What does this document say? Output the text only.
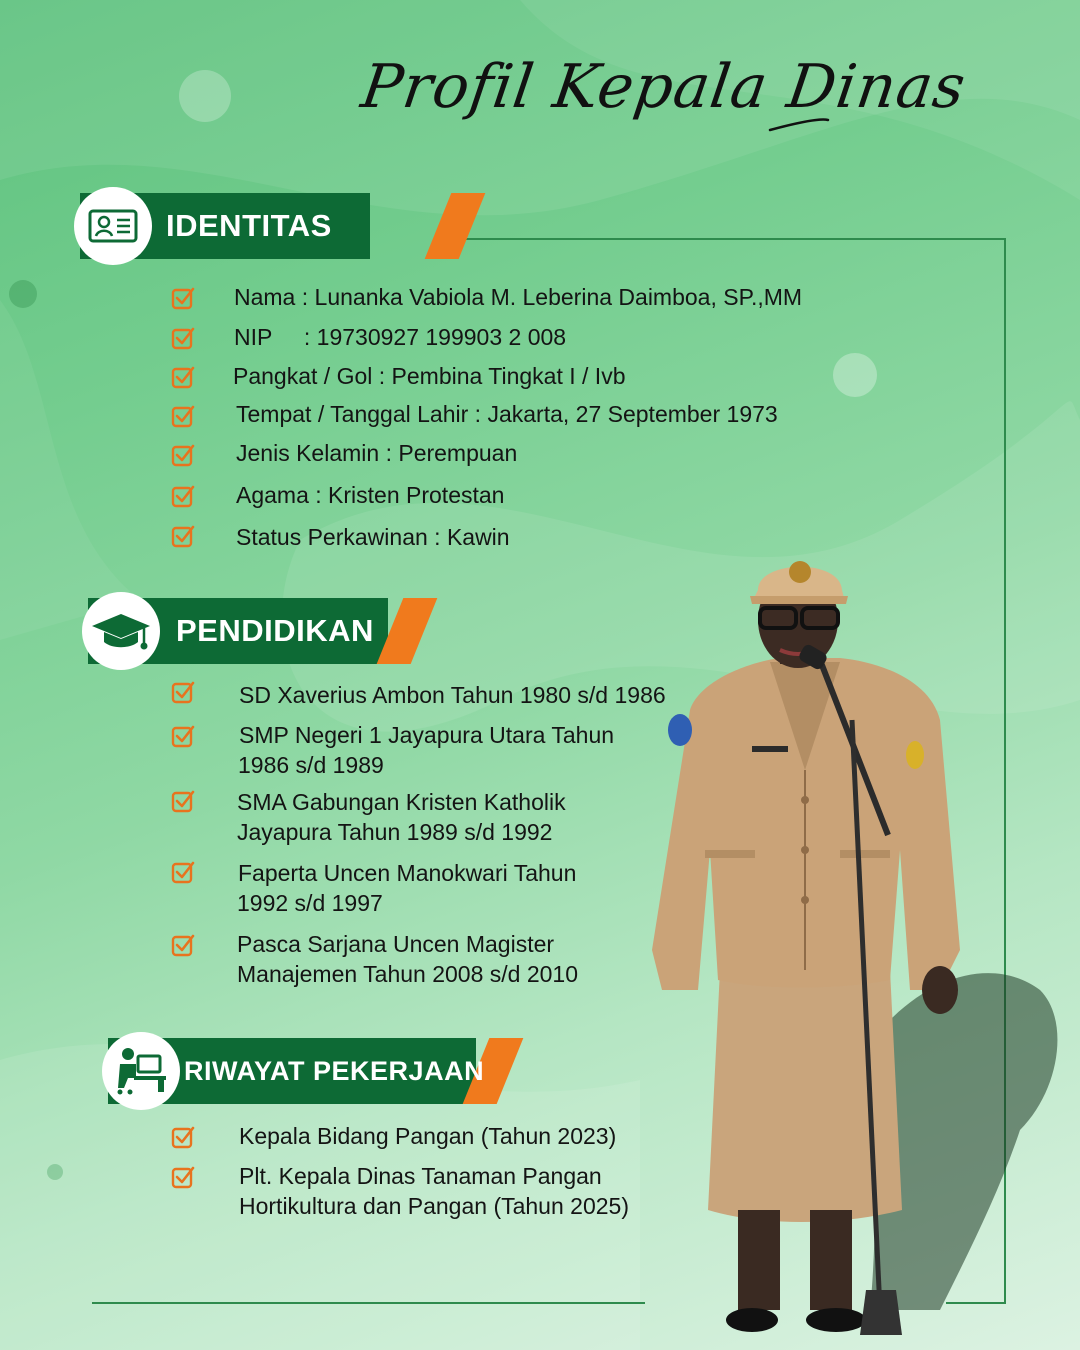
Profil Kepala Dinas
IDENTITAS
Nama : Lunanka Vabiola M. Leberina Daimboa, SP.,MM
NIP     : 19730927 199903 2 008
Pangkat / Gol : Pembina Tingkat I / Ivb
Tempat / Tanggal Lahir : Jakarta, 27 September 1973
Jenis Kelamin : Perempuan
Agama : Kristen Protestan
Status Perkawinan : Kawin
PENDIDIKAN
SD Xaverius Ambon Tahun 1980 s/d 1986
SMP Negeri 1 Jayapura Utara Tahun
1986 s/d 1989
SMA Gabungan Kristen Katholik
Jayapura Tahun 1989 s/d 1992
Faperta Uncen Manokwari Tahun
1992 s/d 1997
Pasca Sarjana Uncen Magister
Manajemen Tahun 2008 s/d 2010
RIWAYAT PEKERJAAN
Kepala Bidang Pangan (Tahun 2023)
Plt. Kepala Dinas Tanaman Pangan
Hortikultura dan Pangan (Tahun 2025)
